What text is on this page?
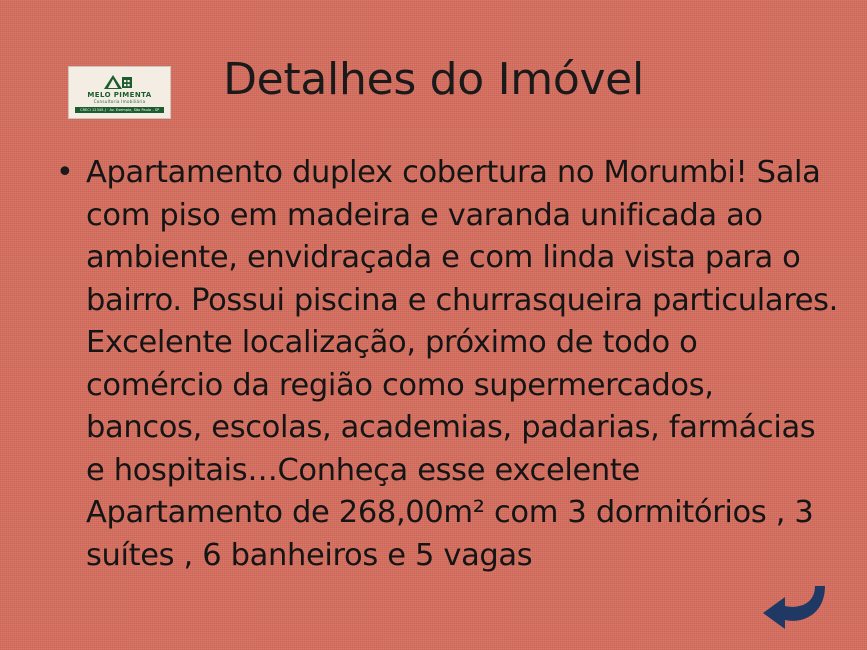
MELO PIMENTA
Consultoria Imobiliária
CRECI 12345-J · Av. Exemplo, São Paulo - SP
Detalhes do Imóvel
• Apartamento duplex cobertura no Morumbi! Sala com piso em madeira e varanda unificada ao ambiente, envidraçada e com linda vista para o bairro. Possui piscina e churrasqueira particulares. Excelente localização, próximo de todo o comércio da região como supermercados, bancos, escolas, academias, padarias, farmácias e hospitais…Conheça esse excelente Apartamento de 268,00m² com 3 dormitórios , 3 suítes , 6 banheiros e 5 vagas
